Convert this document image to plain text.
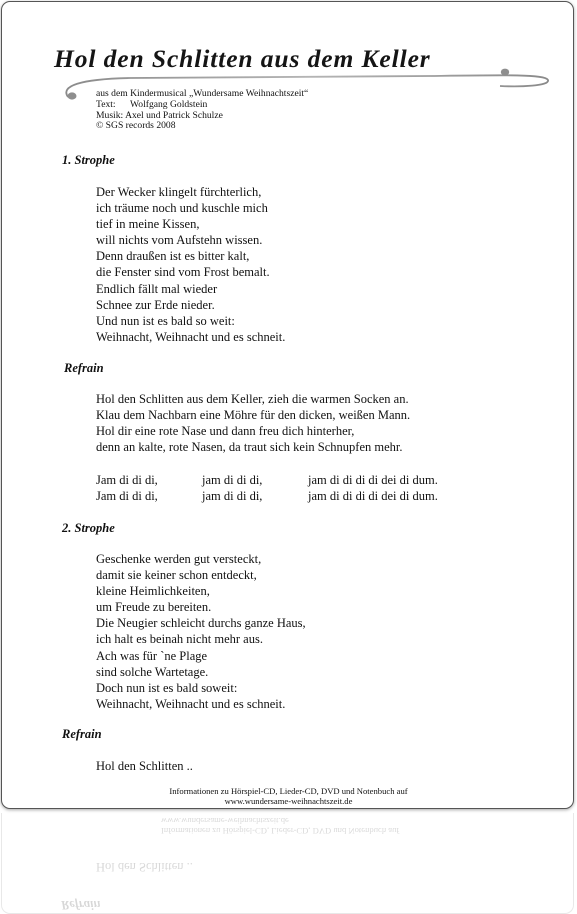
Hol den Schlitten aus dem Keller
aus dem Kindermusical „Wundersame Weihnachtszeit“
Text: Wolfgang Goldstein
Musik: Axel und Patrick Schulze
© SGS records 2008
1. Strophe
Der Wecker klingelt fürchterlich,
ich träume noch und kuschle mich
tief in meine Kissen,
will nichts vom Aufstehn wissen.
Denn draußen ist es bitter kalt,
die Fenster sind vom Frost bemalt.
Endlich fällt mal wieder
Schnee zur Erde nieder.
Und nun ist es bald so weit:
Weihnacht, Weihnacht und es schneit.
Refrain
Hol den Schlitten aus dem Keller, zieh die warmen Socken an.
Klau dem Nachbarn eine Möhre für den dicken, weißen Mann.
Hol dir eine rote Nase und dann freu dich hinterher,
denn an kalte, rote Nasen, da traut sich kein Schnupfen mehr.
Jam di di di,	jam di di di,	jam di di di di dei di dum.
Jam di di di,	jam di di di,	jam di di di di dei di dum.
2. Strophe
Geschenke werden gut versteckt,
damit sie keiner schon entdeckt,
kleine Heimlichkeiten,
um Freude zu bereiten.
Die Neugier schleicht durchs ganze Haus,
ich halt es beinah nicht mehr aus.
Ach was für `ne Plage
sind solche Wartetage.
Doch nun ist es bald soweit:
Weihnacht, Weihnacht und es schneit.
Refrain
Hol den Schlitten ..
Informationen zu Hörspiel-CD, Lieder-CD, DVD und Notenbuch auf
www.wundersame-weihnachtszeit.de
Informationen zu Hörspiel-CD, Lieder-CD, DVD und Notenbuch auf
www.wundersame-weihnachtszeit.de
Hol den Schlitten ..
Refrain
